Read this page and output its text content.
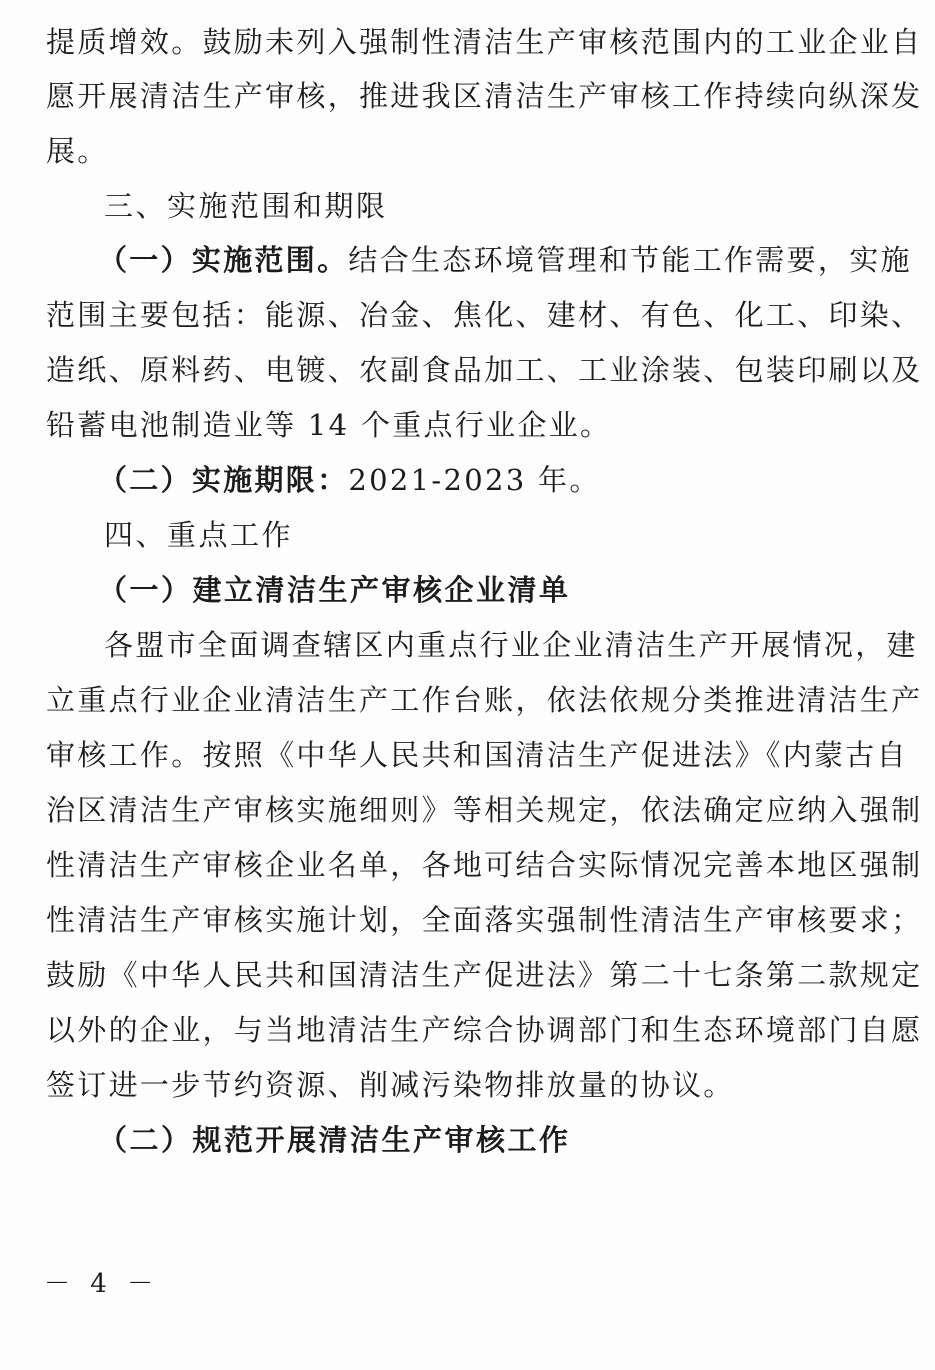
提质增效。鼓励未列入强制性清洁生产审核范围内的工业企业自
愿开展清洁生产审核，推进我区清洁生产审核工作持续向纵深发
展。
三、实施范围和期限
（一）实施范围。结合生态环境管理和节能工作需要，实施
范围主要包括：能源、冶金、焦化、建材、有色、化工、印染、
造纸、原料药、电镀、农副食品加工、工业涂装、包装印刷以及
铅蓄电池制造业等 14 个重点行业企业。
（二）实施期限：2021-2023 年。
四、重点工作
（一）建立清洁生产审核企业清单
各盟市全面调查辖区内重点行业企业清洁生产开展情况，建
立重点行业企业清洁生产工作台账，依法依规分类推进清洁生产
审核工作。按照《中华人民共和国清洁生产促进法》《内蒙古自
治区清洁生产审核实施细则》等相关规定，依法确定应纳入强制
性清洁生产审核企业名单，各地可结合实际情况完善本地区强制
性清洁生产审核实施计划，全面落实强制性清洁生产审核要求；
鼓励《中华人民共和国清洁生产促进法》第二十七条第二款规定
以外的企业，与当地清洁生产综合协调部门和生态环境部门自愿
签订进一步节约资源、削减污染物排放量的协议。
（二）规范开展清洁生产审核工作
－ 4 －
